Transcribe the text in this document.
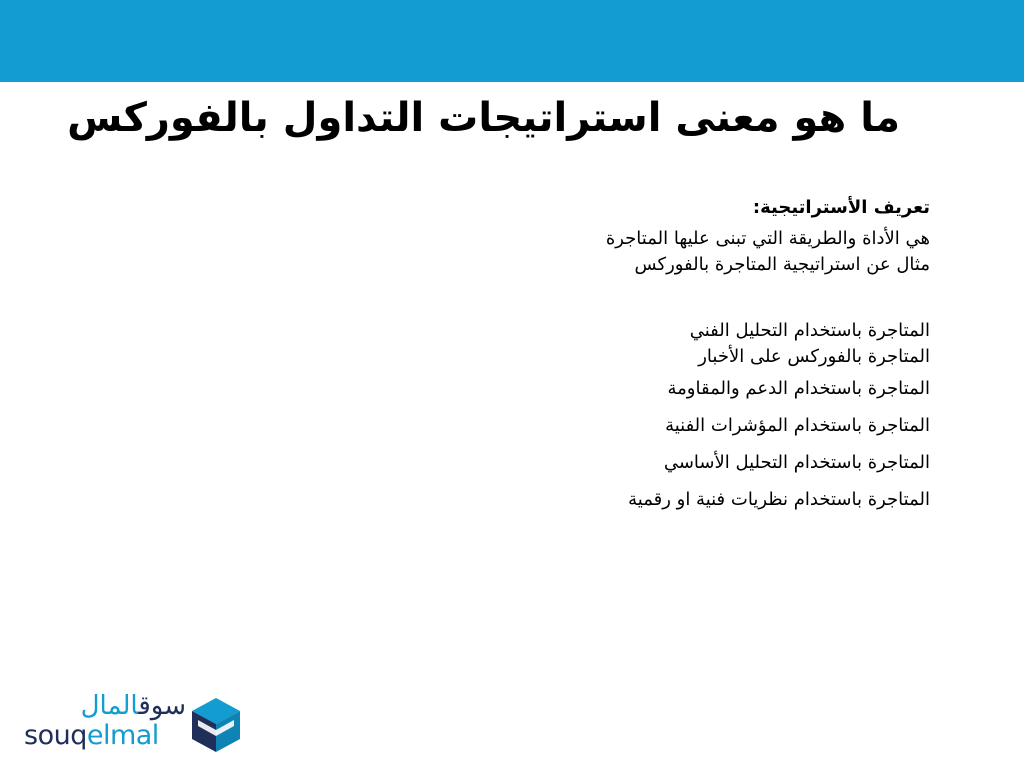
ما هو معنى استراتيجات التداول بالفوركس
تعريف الأستراتيجية:
هي الأداة والطريقة التي تبنى عليها المتاجرة
مثال عن استراتيجية المتاجرة بالفوركس
المتاجرة باستخدام التحليل الفني
المتاجرة بالفوركس على الأخبار
المتاجرة باستخدام الدعم والمقاومة
المتاجرة باستخدام المؤشرات الفنية
المتاجرة باستخدام التحليل الأساسي
المتاجرة باستخدام نظريات فنية او رقمية
سوقالمال
souqelmal
